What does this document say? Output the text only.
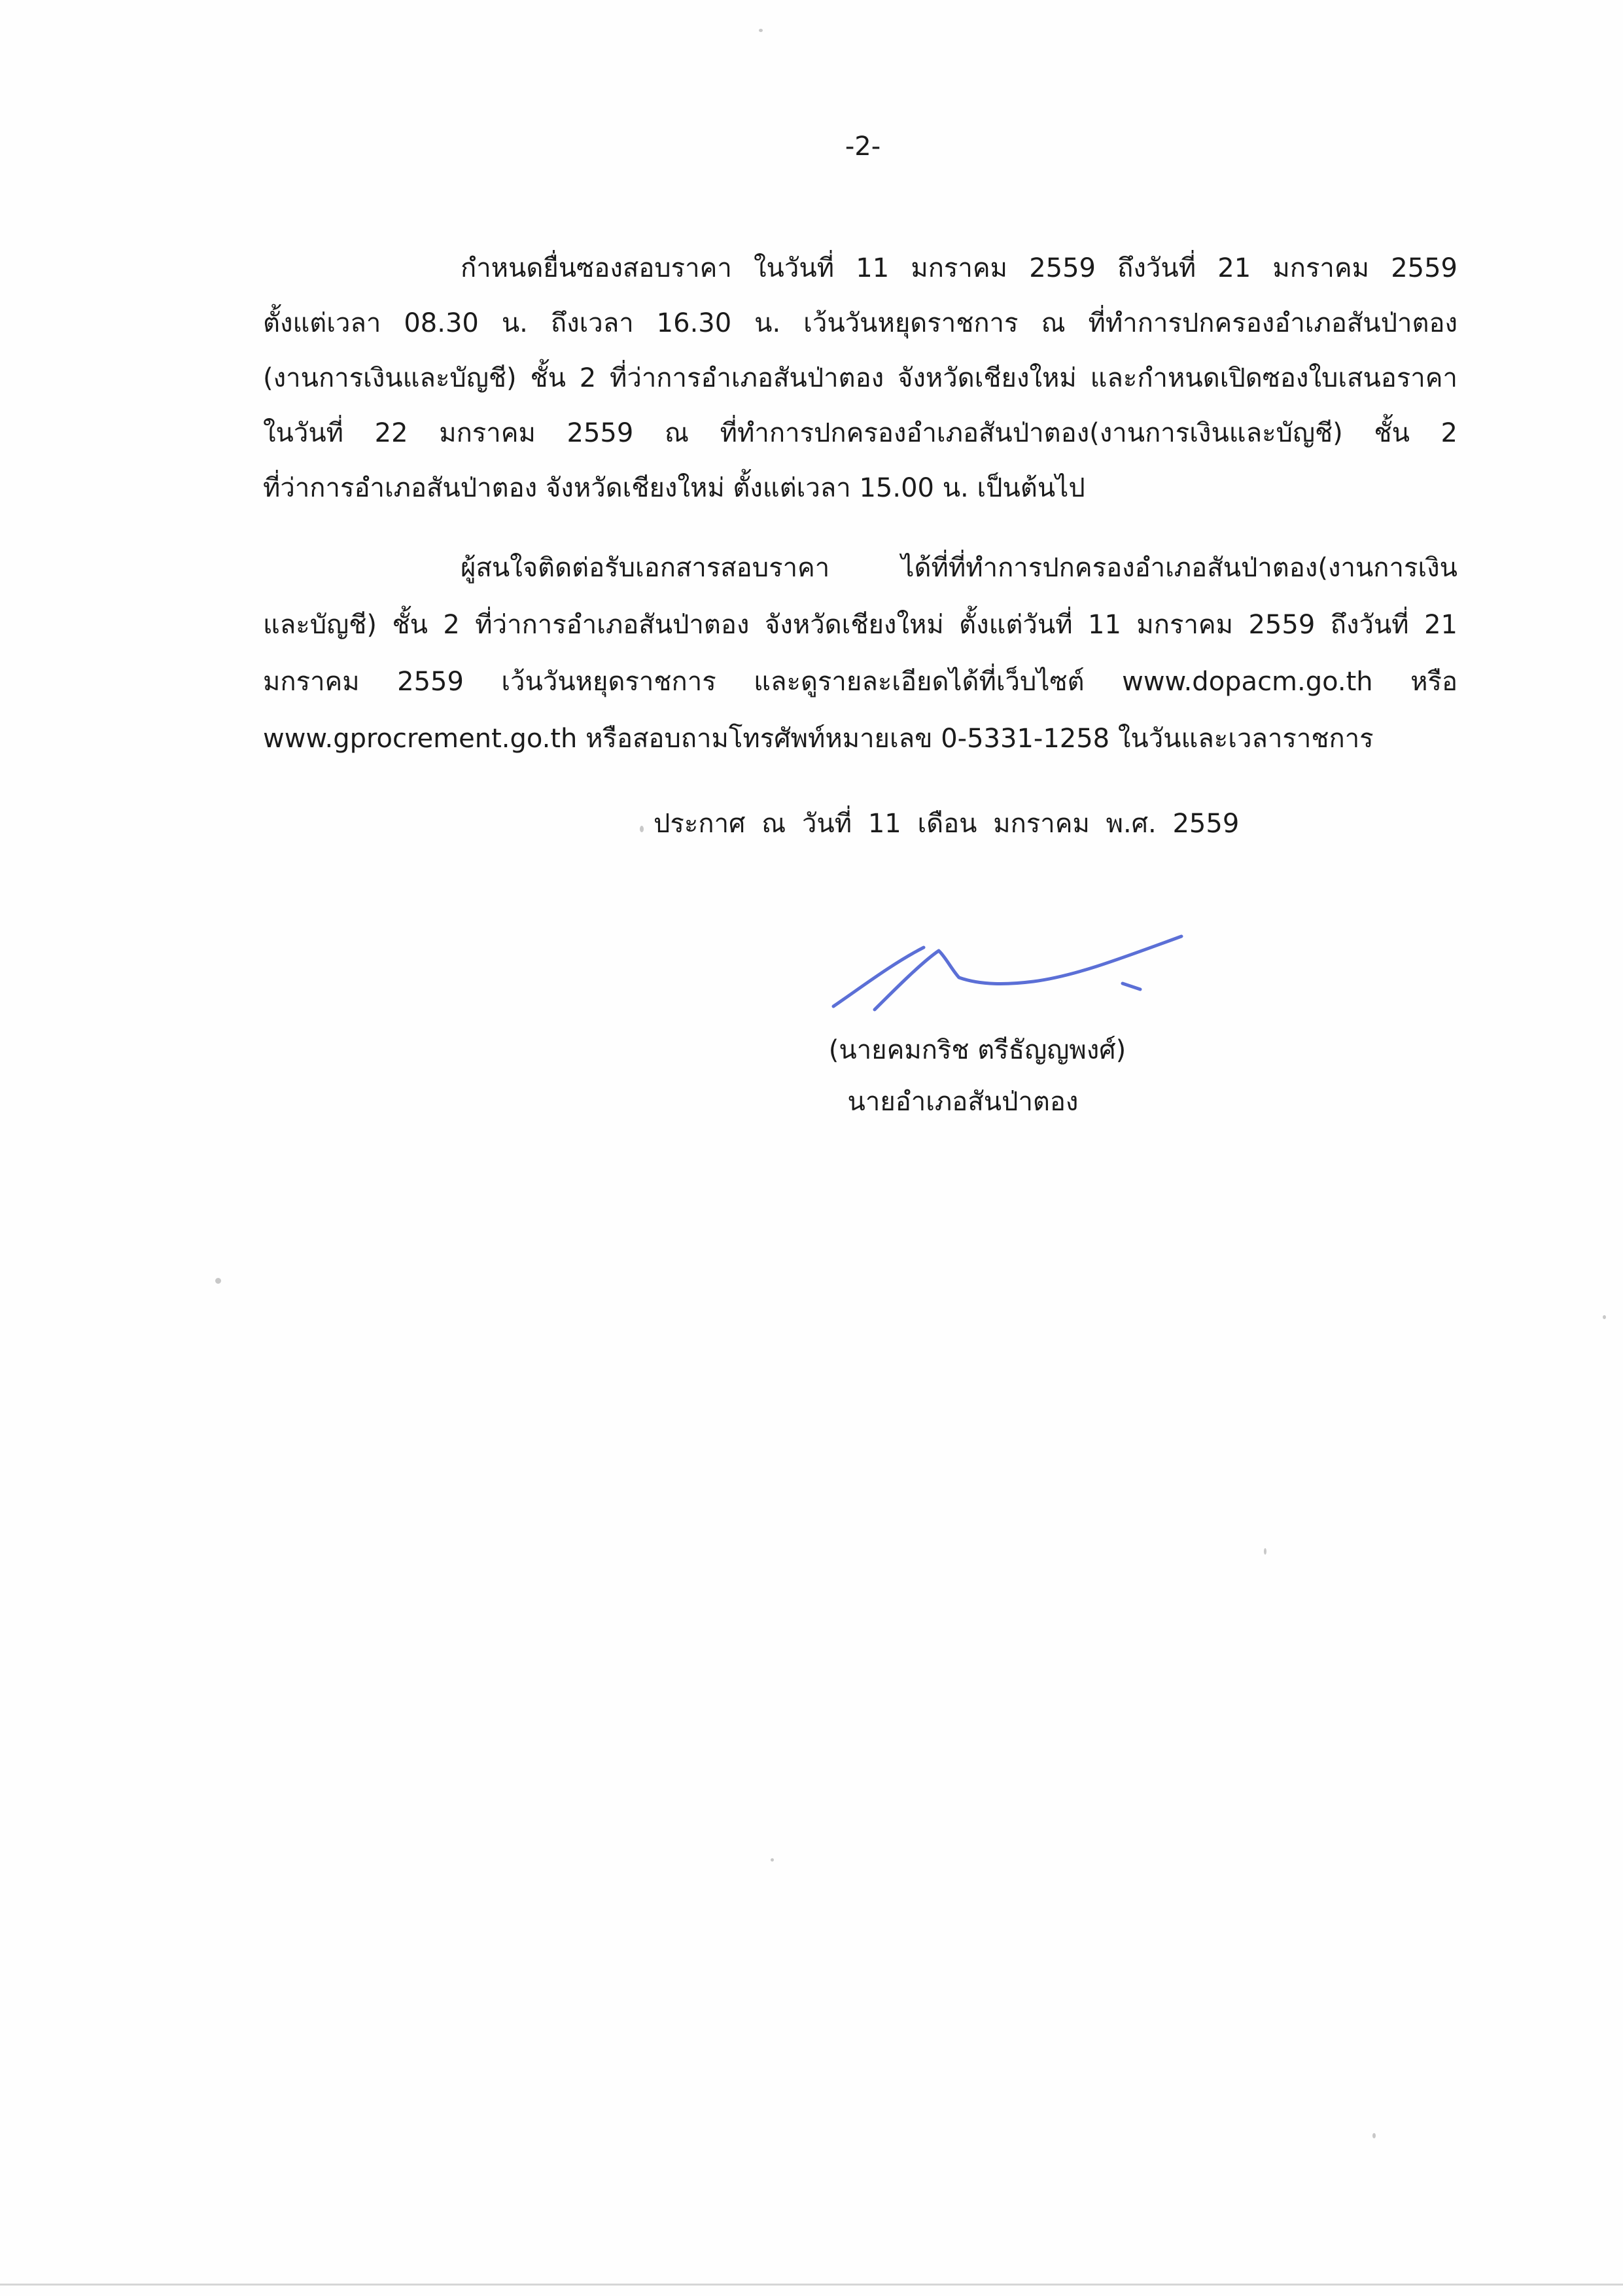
-2-
กำหนดยื่นซองสอบราคา ในวันที่ 11 มกราคม 2559 ถึงวันที่ 21 มกราคม 2559
ตั้งแต่เวลา 08.30 น. ถึงเวลา 16.30 น. เว้นวันหยุดราชการ ณ ที่ทำการปกครองอำเภอสันป่าตอง
(งานการเงินและบัญชี) ชั้น 2 ที่ว่าการอำเภอสันป่าตอง จังหวัดเชียงใหม่ และกำหนดเปิดซองใบเสนอราคา
ในวันที่ 22 มกราคม 2559 ณ ที่ทำการปกครองอำเภอสันป่าตอง(งานการเงินและบัญชี) ชั้น 2
ที่ว่าการอำเภอสันป่าตอง จังหวัดเชียงใหม่ ตั้งแต่เวลา 15.00 น. เป็นต้นไป
ผู้สนใจติดต่อรับเอกสารสอบราคา ได้ที่ที่ทำการปกครองอำเภอสันป่าตอง(งานการเงิน
และบัญชี) ชั้น 2 ที่ว่าการอำเภอสันป่าตอง จังหวัดเชียงใหม่ ตั้งแต่วันที่ 11 มกราคม 2559 ถึงวันที่ 21
มกราคม 2559 เว้นวันหยุดราชการ และดูรายละเอียดได้ที่เว็บไซต์ www.dopacm.go.th หรือ
www.gprocrement.go.th หรือสอบถามโทรศัพท์หมายเลข 0-5331-1258 ในวันและเวลาราชการ
ประกาศ ณ วันที่ 11 เดือน มกราคม พ.ศ. 2559
(นายคมกริช ตรีธัญญพงศ์)
นายอำเภอสันป่าตอง
